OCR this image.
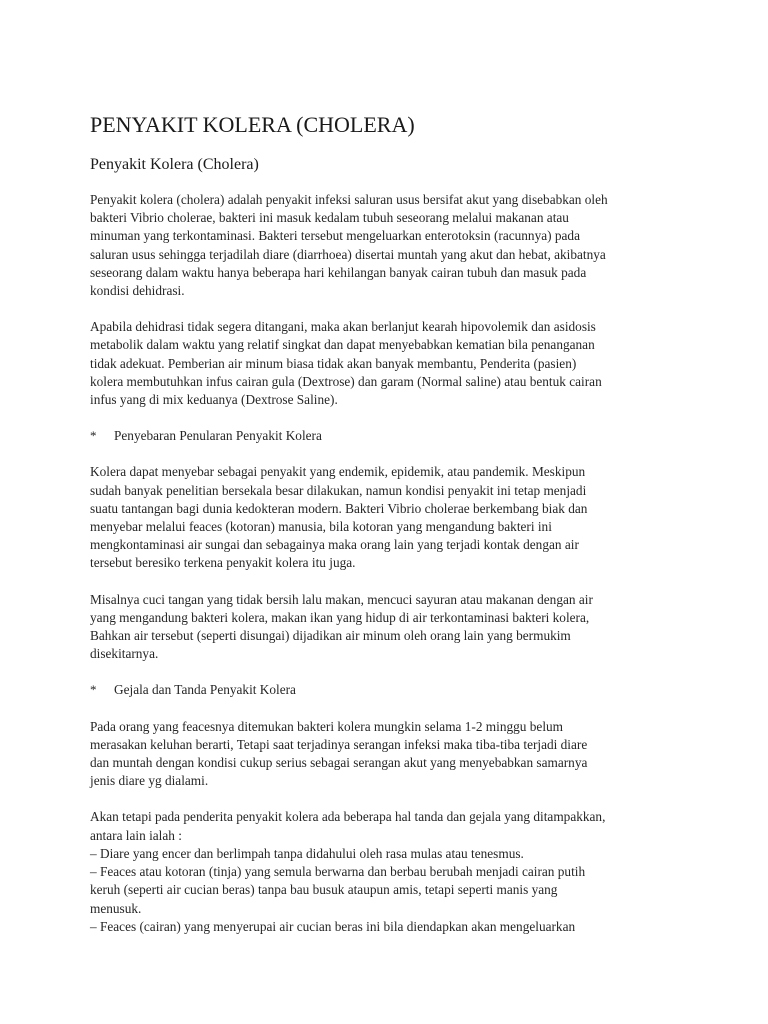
PENYAKIT KOLERA (CHOLERA)
Penyakit Kolera (Cholera)

Penyakit kolera (cholera) adalah penyakit infeksi saluran usus bersifat akut yang disebabkan oleh
bakteri Vibrio cholerae, bakteri ini masuk kedalam tubuh seseorang melalui makanan atau
minuman yang terkontaminasi. Bakteri tersebut mengeluarkan enterotoksin (racunnya) pada
saluran usus sehingga terjadilah diare (diarrhoea) disertai muntah yang akut dan hebat, akibatnya
seseorang dalam waktu hanya beberapa hari kehilangan banyak cairan tubuh dan masuk pada
kondisi dehidrasi.

Apabila dehidrasi tidak segera ditangani, maka akan berlanjut kearah hipovolemik dan asidosis
metabolik dalam waktu yang relatif singkat dan dapat menyebabkan kematian bila penanganan
tidak adekuat. Pemberian air minum biasa tidak akan banyak membantu, Penderita (pasien)
kolera membutuhkan infus cairan gula (Dextrose) dan garam (Normal saline) atau bentuk cairan
infus yang di mix keduanya (Dextrose Saline).

*	Penyebaran Penularan Penyakit Kolera

Kolera dapat menyebar sebagai penyakit yang endemik, epidemik, atau pandemik. Meskipun
sudah banyak penelitian bersekala besar dilakukan, namun kondisi penyakit ini tetap menjadi
suatu tantangan bagi dunia kedokteran modern. Bakteri Vibrio cholerae berkembang biak dan
menyebar melalui feaces (kotoran) manusia, bila kotoran yang mengandung bakteri ini
mengkontaminasi air sungai dan sebagainya maka orang lain yang terjadi kontak dengan air
tersebut beresiko terkena penyakit kolera itu juga.

Misalnya cuci tangan yang tidak bersih lalu makan, mencuci sayuran atau makanan dengan air
yang mengandung bakteri kolera, makan ikan yang hidup di air terkontaminasi bakteri kolera,
Bahkan air tersebut (seperti disungai) dijadikan air minum oleh orang lain yang bermukim
disekitarnya.

*	Gejala dan Tanda Penyakit Kolera

Pada orang yang feacesnya ditemukan bakteri kolera mungkin selama 1-2 minggu belum
merasakan keluhan berarti, Tetapi saat terjadinya serangan infeksi maka tiba-tiba terjadi diare
dan muntah dengan kondisi cukup serius sebagai serangan akut yang menyebabkan samarnya
jenis diare yg dialami.

Akan tetapi pada penderita penyakit kolera ada beberapa hal tanda dan gejala yang ditampakkan,
antara lain ialah :
– Diare yang encer dan berlimpah tanpa didahului oleh rasa mulas atau tenesmus.
– Feaces atau kotoran (tinja) yang semula berwarna dan berbau berubah menjadi cairan putih
keruh (seperti air cucian beras) tanpa bau busuk ataupun amis, tetapi seperti manis yang
menusuk.
– Feaces (cairan) yang menyerupai air cucian beras ini bila diendapkan akan mengeluarkan
